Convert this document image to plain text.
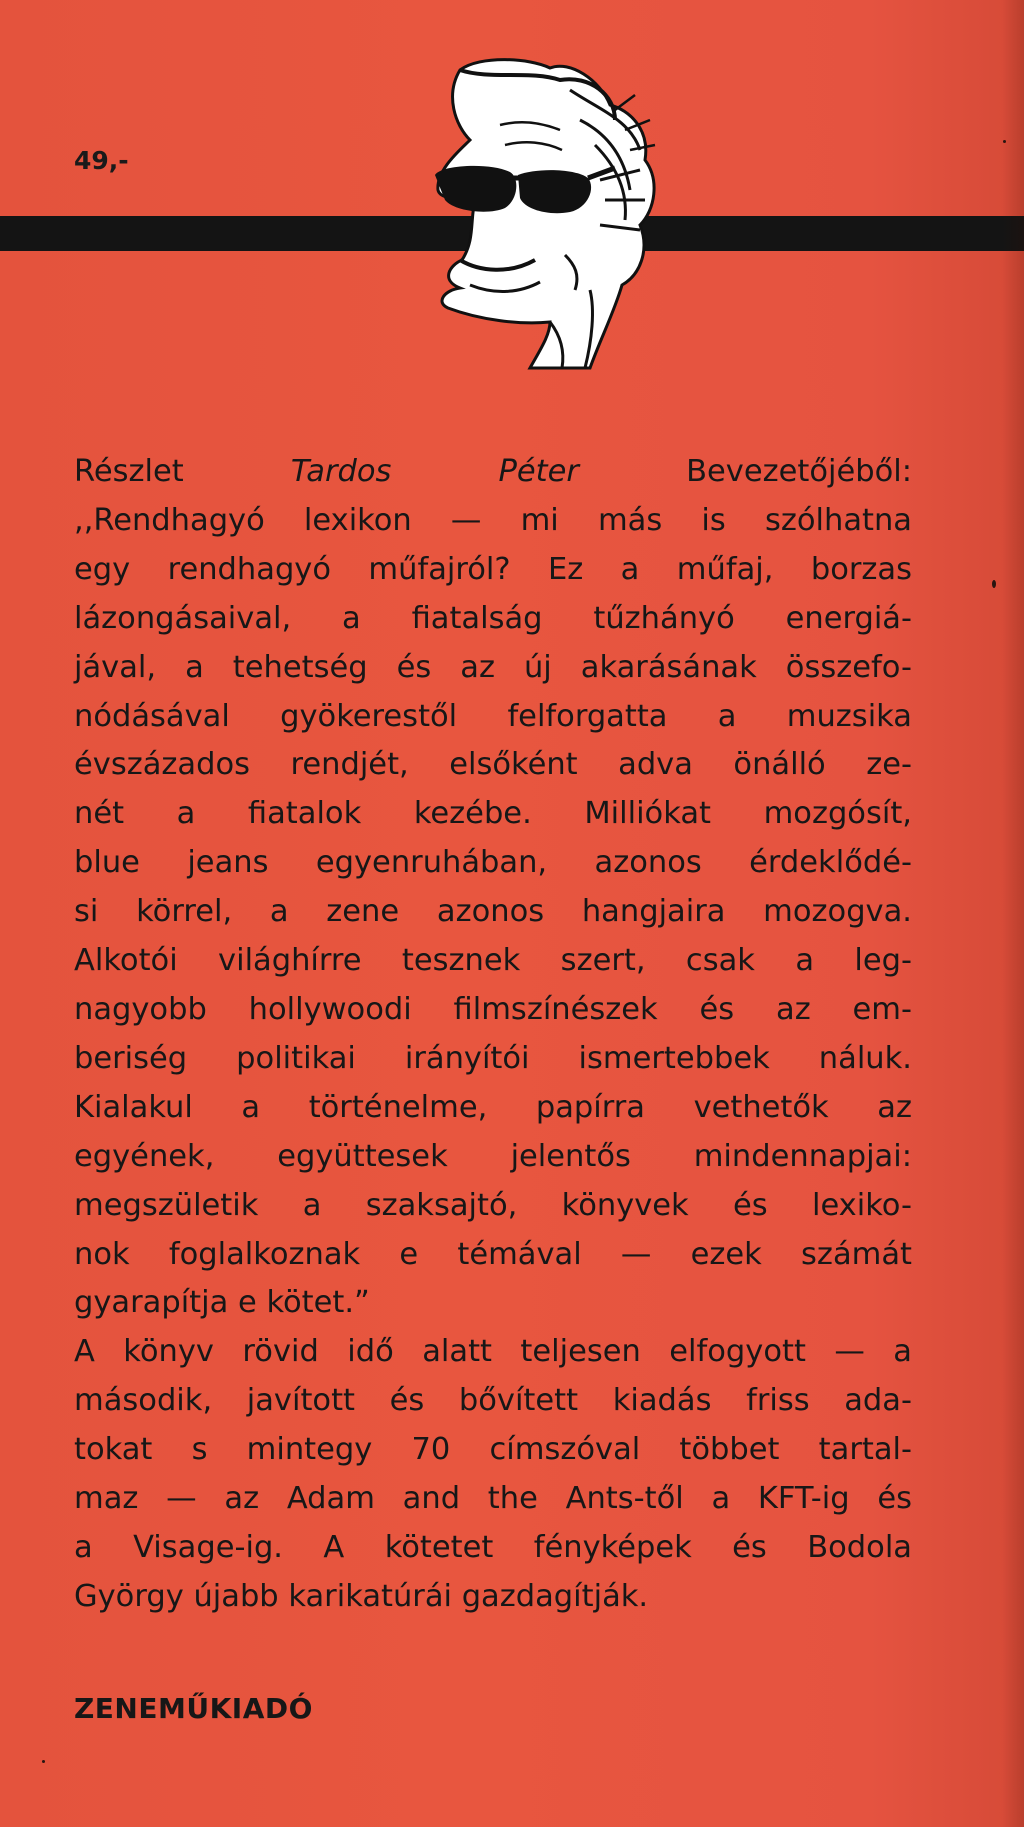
49,-
Részlet Tardos Péter Bevezetőjéből:
,,Rendhagyó lexikon — mi más is szólhatna
egy rendhagyó műfajról? Ez a műfaj, borzas
lázongásaival, a fiatalság tűzhányó energiá-
jával, a tehetség és az új akarásának összefo-
nódásával gyökerestől felforgatta a muzsika
évszázados rendjét, elsőként adva önálló ze-
nét a fiatalok kezébe. Milliókat mozgósít,
blue jeans egyenruhában, azonos érdeklődé-
si körrel, a zene azonos hangjaira mozogva.
Alkotói világhírre tesznek szert, csak a leg-
nagyobb hollywoodi filmszínészek és az em-
beriség politikai irányítói ismertebbek náluk.
Kialakul a történelme, papírra vethetők az
egyének, együttesek jelentős mindennapjai:
megszületik a szaksajtó, könyvek és lexiko-
nok foglalkoznak e témával — ezek számát
gyarapítja e kötet.”
A könyv rövid idő alatt teljesen elfogyott — a
második, javított és bővített kiadás friss ada-
tokat s mintegy 70 címszóval többet tartal-
maz — az Adam and the Ants-től a KFT-ig és
a Visage-ig. A kötetet fényképek és Bodola
György újabb karikatúrái gazdagítják.
ZENEMŰKIADÓ
